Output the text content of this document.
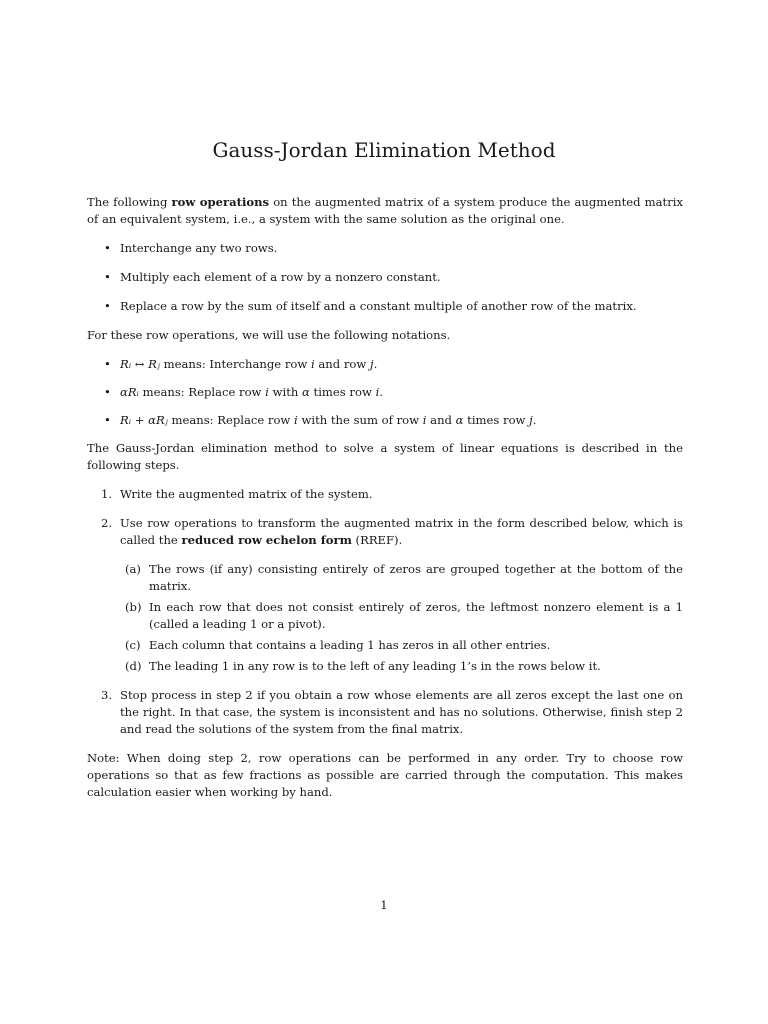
Gauss-Jordan Elimination Method

The following row operations on the augmented matrix of a system produce the augmented matrix of an equivalent system, i.e., a system with the same solution as the original one.

• Interchange any two rows.
• Multiply each element of a row by a nonzero constant.
• Replace a row by the sum of itself and a constant multiple of another row of the matrix.

For these row operations, we will use the following notations.

• Rᵢ ↔ Rⱼ means: Interchange row i and row j.
• αRᵢ means: Replace row i with α times row i.
• Rᵢ + αRⱼ means: Replace row i with the sum of row i and α times row j.

The Gauss-Jordan elimination method to solve a system of linear equations is described in the following steps.

1. Write the augmented matrix of the system.
2. Use row operations to transform the augmented matrix in the form described below, which is called the reduced row echelon form (RREF).
(a) The rows (if any) consisting entirely of zeros are grouped together at the bottom of the matrix.
(b) In each row that does not consist entirely of zeros, the leftmost nonzero element is a 1 (called a leading 1 or a pivot).
(c) Each column that contains a leading 1 has zeros in all other entries.
(d) The leading 1 in any row is to the left of any leading 1’s in the rows below it.
3. Stop process in step 2 if you obtain a row whose elements are all zeros except the last one on the right. In that case, the system is inconsistent and has no solutions. Otherwise, finish step 2 and read the solutions of the system from the final matrix.

Note: When doing step 2, row operations can be performed in any order. Try to choose row operations so that as few fractions as possible are carried through the computation. This makes calculation easier when working by hand.

1
